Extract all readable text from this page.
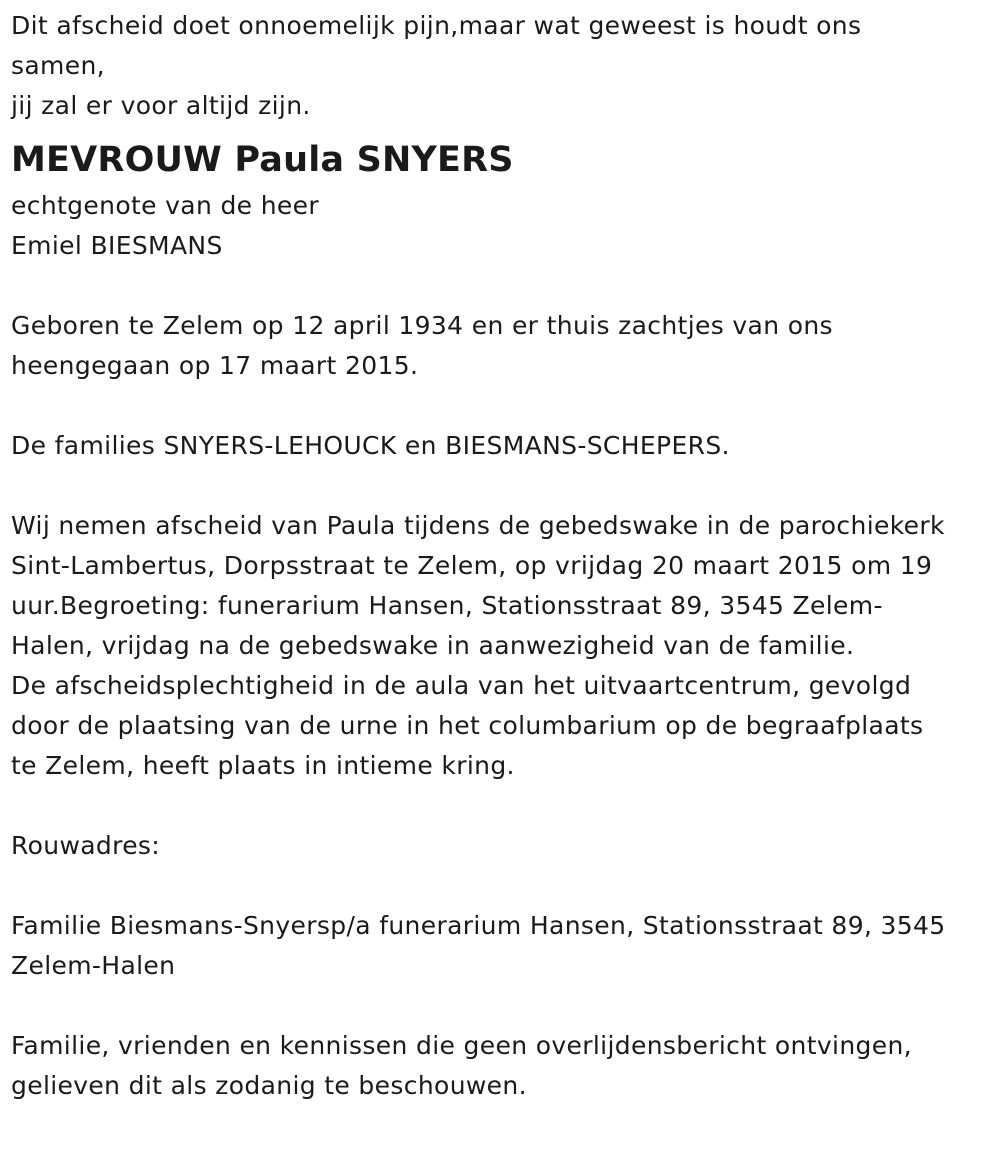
Dit afscheid doet onnoemelijk pijn,maar wat geweest is houdt ons
samen,
jij zal er voor altijd zijn.

MEVROUW Paula SNYERS

echtgenote van de heer
Emiel BIESMANS

Geboren te Zelem op 12 april 1934 en er thuis zachtjes van ons
heengegaan op 17 maart 2015.

De families SNYERS-LEHOUCK en BIESMANS-SCHEPERS.

Wij nemen afscheid van Paula tijdens de gebedswake in de parochiekerk
Sint-Lambertus, Dorpsstraat te Zelem, op vrijdag 20 maart 2015 om 19
uur.Begroeting: funerarium Hansen, Stationsstraat 89, 3545 Zelem-
Halen, vrijdag na de gebedswake in aanwezigheid van de familie.
De afscheidsplechtigheid in de aula van het uitvaartcentrum, gevolgd
door de plaatsing van de urne in het columbarium op de begraafplaats
te Zelem, heeft plaats in intieme kring.

Rouwadres:

Familie Biesmans-Snyersp/a funerarium Hansen, Stationsstraat 89, 3545
Zelem-Halen

Familie, vrienden en kennissen die geen overlijdensbericht ontvingen,
gelieven dit als zodanig te beschouwen.
